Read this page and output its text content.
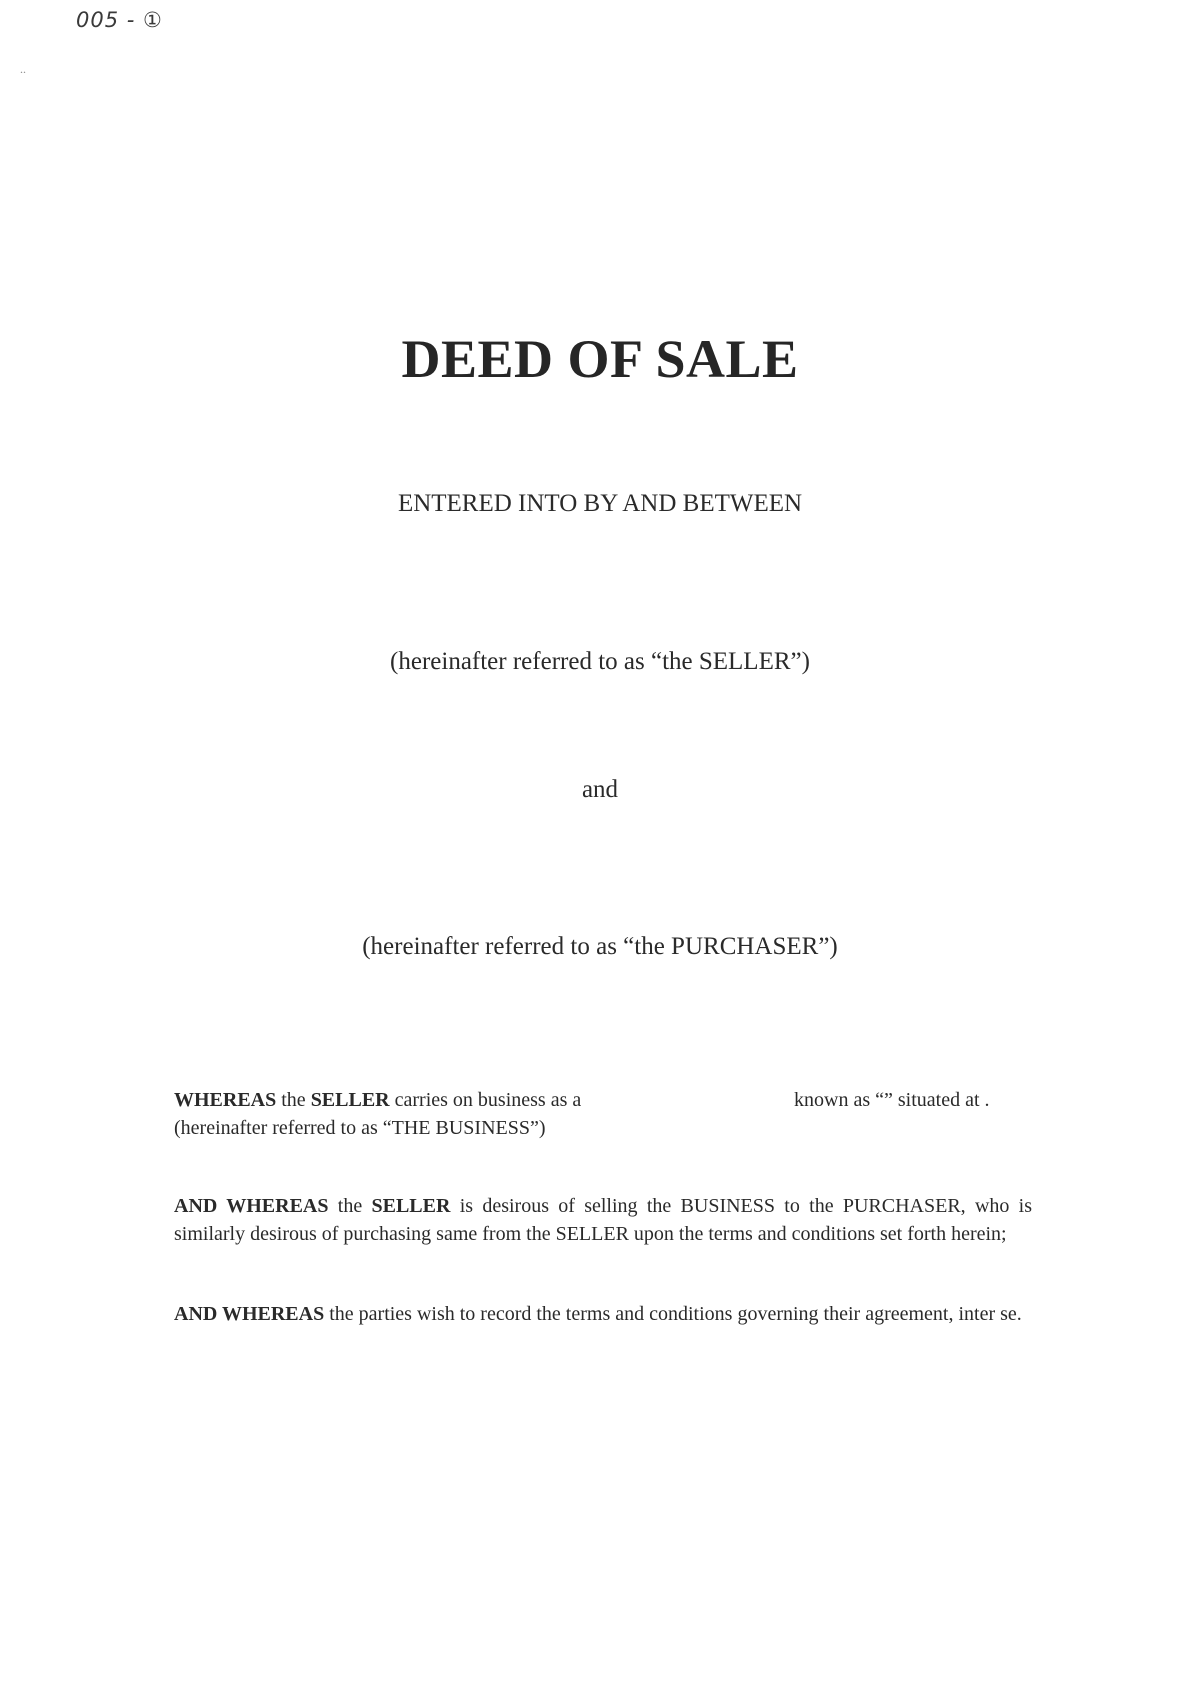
005 - ①
..
DEED OF SALE
ENTERED INTO BY AND BETWEEN
(hereinafter referred to as “the SELLER”)
and
(hereinafter referred to as “the PURCHASER”)
WHEREAS the SELLER carries on business as a	known as “” situated at .
(hereinafter referred to as “THE BUSINESS”)
AND WHEREAS the SELLER is desirous of selling the BUSINESS to the PURCHASER, who is similarly desirous of purchasing same from the SELLER upon the terms and conditions set forth herein;
AND WHEREAS the parties wish to record the terms and conditions governing their agreement, inter se.
